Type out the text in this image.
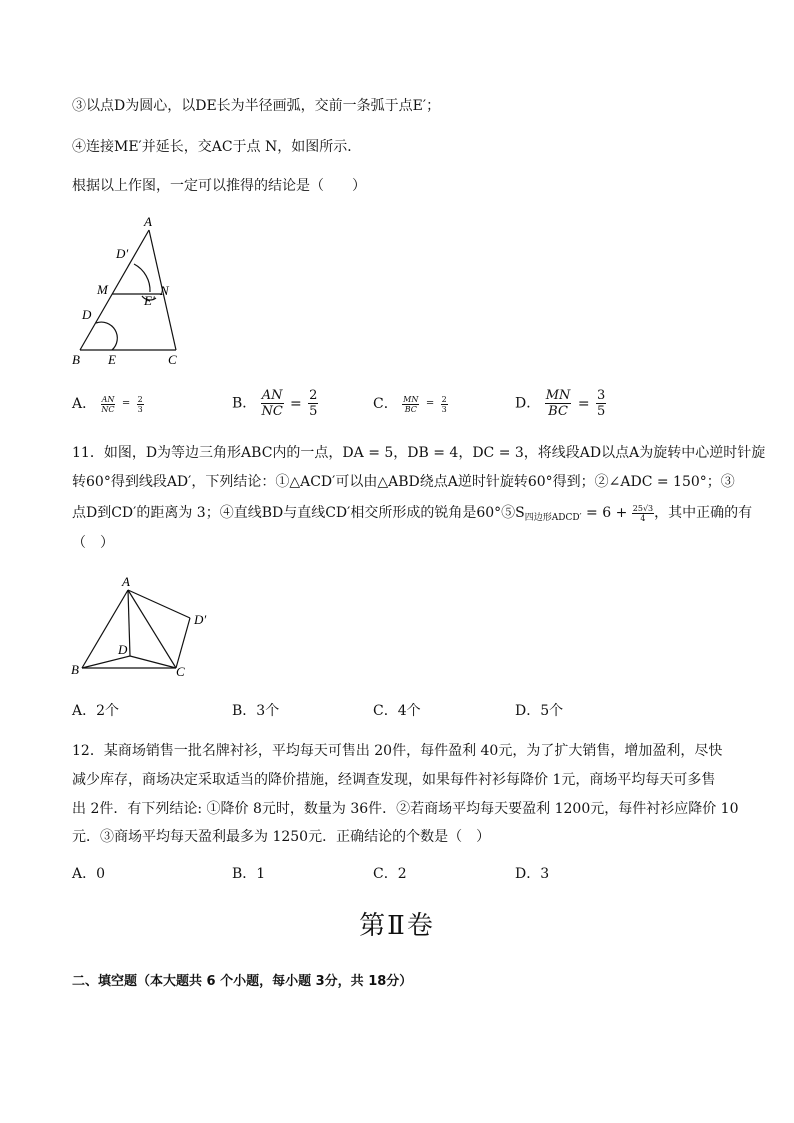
③以点D为圆心，以DE长为半径画弧，交前一条弧于点E′；
④连接ME′并延长，交AC于点 N，如图所示．
根据以上作图，一定可以推得的结论是（　　）
A
D′
M	N
E′
D
B E	C
A． $\frac{AN}{NC} = \frac{2}{3}$	B． $\frac{AN}{NC} = \frac{2}{5}$	C． $\frac{MN}{BC} = \frac{2}{3}$	D． $\frac{MN}{BC} = \frac{3}{5}$
11．如图，D为等边三角形ABC内的一点，DA = 5，DB = 4，DC = 3，将线段AD以点A为旋转中心逆时针旋
转60°得到线段AD′，下列结论：①△ACD′可以由△ABD绕点A逆时针旋转60°得到；②∠ADC = 150°；③
点D到CD′的距离为 3；④直线BD与直线CD′相交所形成的锐角是$60^\circ ⑤S_{四边形ADCD'} = 6 + \frac{25√3}{4}$ ，其中正确的有
（　）
A
D′
D
B	C
A．2个	B．3个	C．4个	D．5个
12．某商场销售一批名牌衬衫，平均每天可售出 20件，每件盈利 40元，为了扩大销售，增加盈利，尽快
减少库存，商场决定采取适当的降价措施，经调查发现，如果每件衬衫每降价 1元，商场平均每天可多售
出 2件．有下列结论: ①降价 8元时，数量为 36件．②若商场平均每天要盈利 1200元，每件衬衫应降价 10
元．③商场平均每天盈利最多为 1250元．正确结论的个数是（　）
A．0	B．1	C．2	D．3
第Ⅱ卷
二、填空题（本大题共 6 个小题，每小题 3分，共 18分）
